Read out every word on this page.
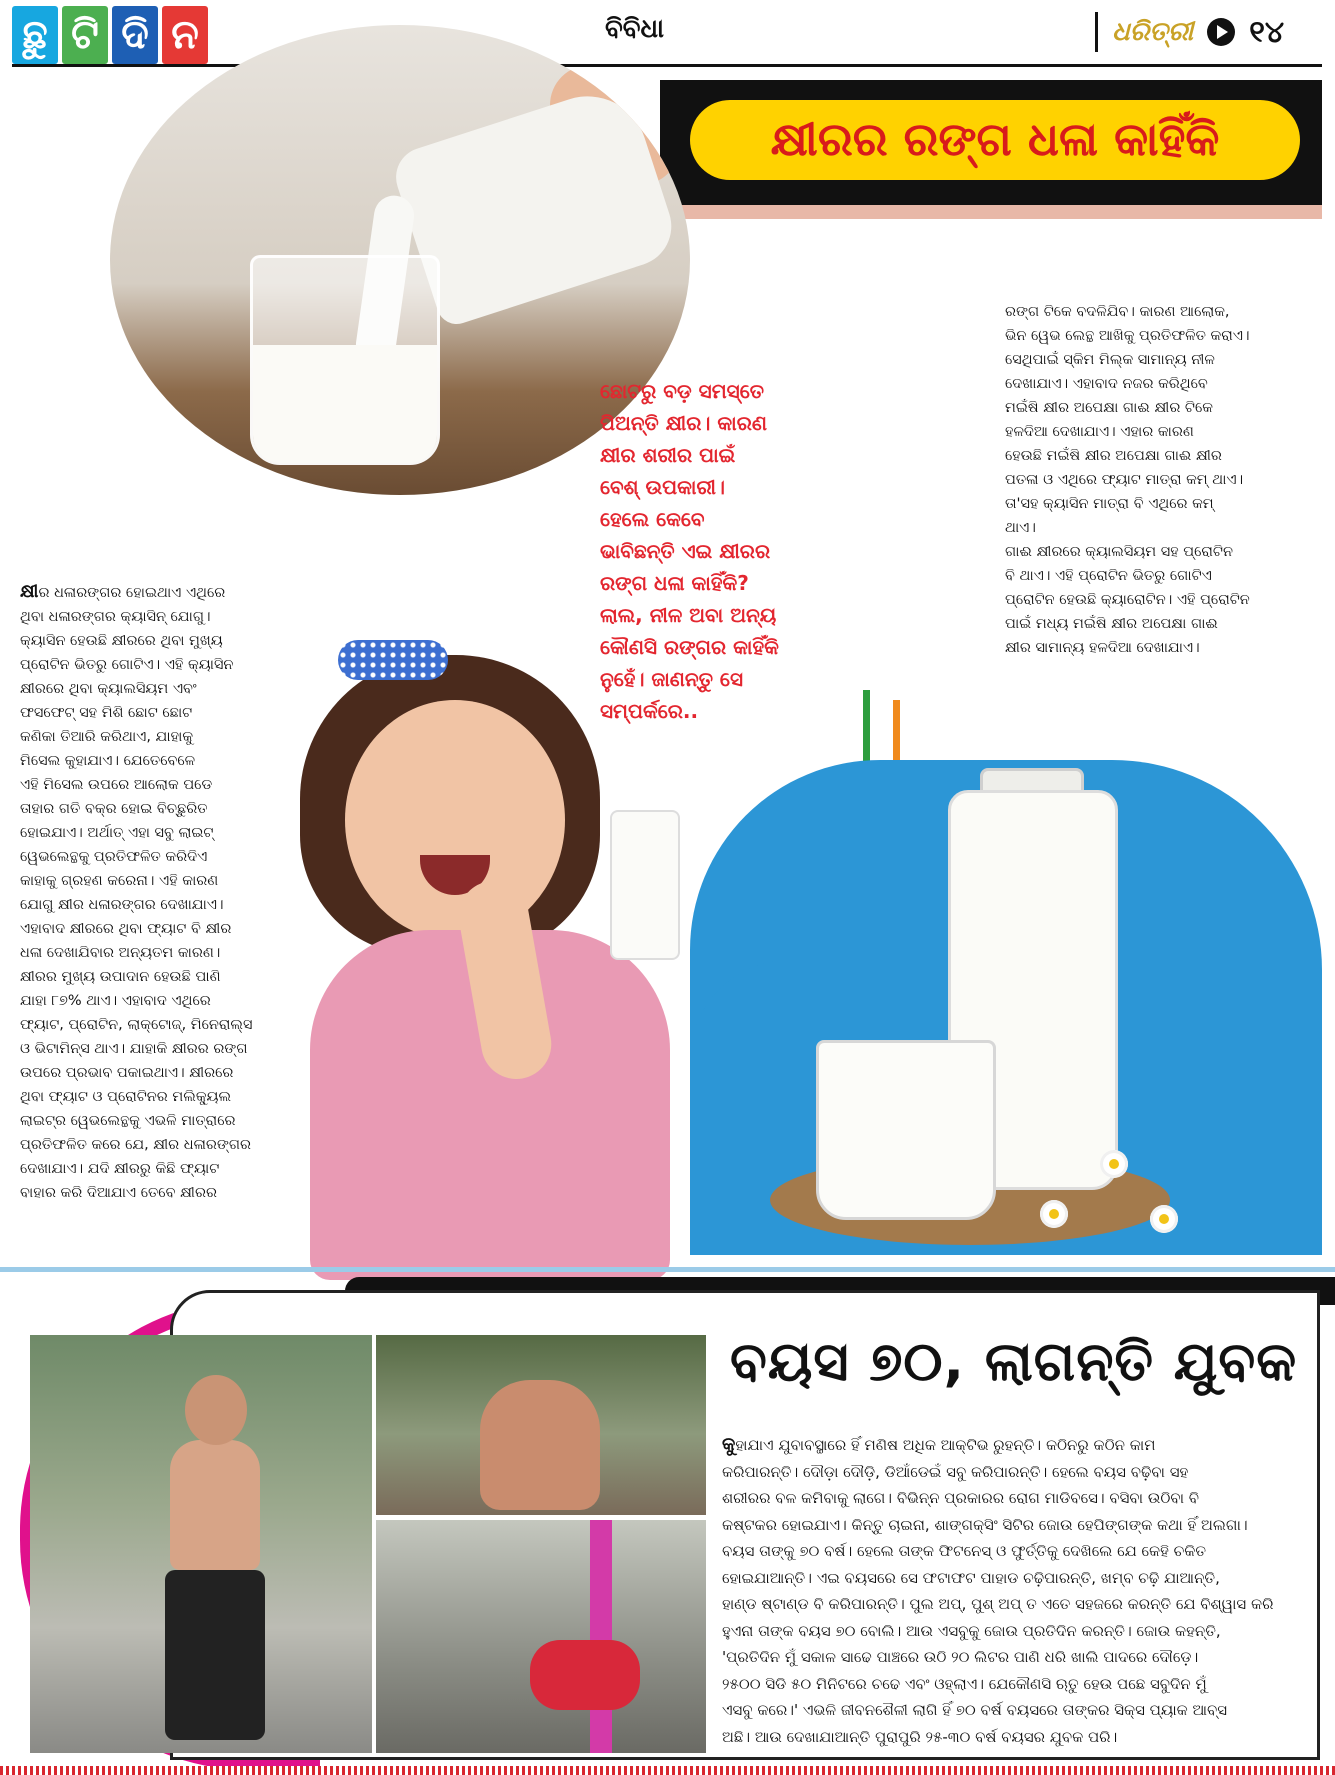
ଛୁ ଟି ଦି ନ	ବିବିଧା	ଧରିତ୍ରୀ ୧୪
କ୍ଷୀରର ରଙ୍ଗ ଧଳା କାହିଁକି
ଛୋଟରୁ ବଡ଼ ସମସ୍ତେ
ପିଅନ୍ତି କ୍ଷୀର। କାରଣ
କ୍ଷୀର ଶରୀର ପାଇଁ
ବେଶ୍ ଉପକାରୀ।
ହେଲେ କେବେ
ଭାବିଛନ୍ତି ଏଇ କ୍ଷୀରର
ରଙ୍ଗ ଧଳା କାହିଁକି?
ଲାଲ, ନୀଳ ଅବା ଅନ୍ୟ
କୌଣସି ରଙ୍ଗର କାହିଁକି
ନୁହେଁ। ଜାଣନ୍ତୁ ସେ
ସମ୍ପର୍କରେ..
ରଙ୍ଗ ଟିକେ ବଦଳିଯିବ। କାରଣ ଆଲୋକ,
ଭିନ ୱେଭ ଲେନ୍ଥ ଆଖିକୁ ପ୍ରତିଫଳିତ କରାଏ।
ସେଥିପାଇଁ ସ୍କିମ ମିଲ୍କ ସାମାନ୍ୟ ନୀଳ
ଦେଖାଯାଏ। ଏହାବାଦ ନଜର କରିଥିବେ
ମଇଁଷି କ୍ଷୀର ଅପେକ୍ଷା ଗାଈ କ୍ଷୀର ଟିକେ
ହଳଦିଆ ଦେଖାଯାଏ। ଏହାର କାରଣ
ହେଉଛି ମଇଁଷି କ୍ଷୀର ଅପେକ୍ଷା ଗାଈ କ୍ଷୀର
ପତଳା ଓ ଏଥିରେ ଫ୍ୟାଟ ମାତ୍ରା କମ୍ ଥାଏ।
ତା'ସହ କ୍ୟାସିନ ମାତ୍ରା ବି ଏଥିରେ କମ୍
ଥାଏ।
ଗାଈ କ୍ଷୀରରେ କ୍ୟାଲସିୟମ ସହ ପ୍ରୋଟିନ
ବି ଥାଏ। ଏହି ପ୍ରୋଟିନ ଭିତରୁ ଗୋଟିଏ
ପ୍ରୋଟିନ ହେଉଛି କ୍ୟାରୋଟିନ। ଏହି ପ୍ରୋଟିନ
ପାଇଁ ମଧ୍ୟ ମଇଁଷି କ୍ଷୀର ଅପେକ୍ଷା ଗାଈ
କ୍ଷୀର ସାମାନ୍ୟ ହଳଦିଆ ଦେଖାଯାଏ।
କ୍ଷୀର ଧଳାରଙ୍ଗର ହୋଇଥାଏ ଏଥିରେ
ଥିବା ଧଳାରଙ୍ଗର କ୍ୟାସିନ୍ ଯୋଗୁ।
କ୍ୟାସିନ ହେଉଛି କ୍ଷୀରରେ ଥିବା ମୁଖ୍ୟ
ପ୍ରୋଟିନ ଭିତରୁ ଗୋଟିଏ। ଏହି କ୍ୟାସିନ
କ୍ଷୀରରେ ଥିବା କ୍ୟାଲସିୟମ ଏବଂ
ଫସଫେଟ୍ ସହ ମିଶି ଛୋଟ ଛୋଟ
କଣିକା ତିଆରି କରିଥାଏ, ଯାହାକୁ
ମିସେଲ କୁହାଯାଏ। ଯେତେବେଳେ
ଏହି ମିସେଲ ଉପରେ ଆଲୋକ ପଡେ
ତାହାର ଗତି ବକ୍ର ହୋଇ ବିଚ୍ଛୁରିତ
ହୋଇଯାଏ। ଅର୍ଥାତ୍ ଏହା ସବୁ ଲାଇଟ୍
ୱେଭଲେନ୍ଥକୁ ପ୍ରତିଫଳିତ କରିଦିଏ
କାହାକୁ ଗ୍ରହଣ କରେନା। ଏହି କାରଣ
ଯୋଗୁ କ୍ଷୀର ଧଳାରଙ୍ଗର ଦେଖାଯାଏ।
ଏହାବାଦ କ୍ଷୀରରେ ଥିବା ଫ୍ୟାଟ ବି କ୍ଷୀର
ଧଳା ଦେଖାଯିବାର ଅନ୍ୟତମ କାରଣ।
କ୍ଷୀରର ମୁଖ୍ୟ ଉପାଦାନ ହେଉଛି ପାଣି
ଯାହା ୮୭% ଥାଏ। ଏହାବାଦ ଏଥିରେ
ଫ୍ୟାଟ, ପ୍ରୋଟିନ, ଲାକ୍ଟୋଜ୍, ମିନେରାଲ୍ସ
ଓ ଭିଟାମିନ୍ସ ଥାଏ। ଯାହାକି କ୍ଷୀରର ରଙ୍ଗ
ଉପରେ ପ୍ରଭାବ ପକାଇଥାଏ। କ୍ଷୀରରେ
ଥିବା ଫ୍ୟାଟ ଓ ପ୍ରୋଟିନର ମଲିକ୍ୟୁଲ
ଲାଇଟ୍ର ୱେଭଲେନ୍ଥକୁ ଏଭଳି ମାତ୍ରାରେ
ପ୍ରତିଫଳିତ କରେ ଯେ, କ୍ଷୀର ଧଳାରଙ୍ଗର
ଦେଖାଯାଏ। ଯଦି କ୍ଷୀରରୁ କିଛି ଫ୍ୟାଟ
ବାହାର କରି ଦିଆଯାଏ ତେବେ କ୍ଷୀରର
ବୟସ ୭୦, ଲାଗନ୍ତି ଯୁବକ
କୁହାଯାଏ ଯୁବାବସ୍ଥାରେ ହିଁ ମଣିଷ ଅଧିକ ଆକ୍ଟିଭ ରୁହନ୍ତି। କଠିନରୁ କଠିନ କାମ
କରିପାରନ୍ତି। ଦୌଡ଼ା ଦୌଡ଼ି, ଡିଆଁଡେଇଁ ସବୁ କରିପାରନ୍ତି। ହେଲେ ବୟସ ବଢ଼ିବା ସହ
ଶରୀରର ବଳ କମିବାକୁ ଲାଗେ। ବିଭିନ୍ନ ପ୍ରକାରର ରୋଗ ମାଡିବସେ। ବସିବା ଉଠିବା ବି
କଷ୍ଟକର ହୋଇଯାଏ। କିନ୍ତୁ ଚାଇନା, ଶାଙ୍ଗକ୍ସିଂ ସିଟିର ଜୋଉ ହେପିଙ୍ଗଙ୍କ କଥା ହିଁ ଅଲଗା।
ବୟସ ତାଙ୍କୁ ୭୦ ବର୍ଷ। ହେଲେ ତାଙ୍କ ଫିଟନେସ୍ ଓ ଫୁର୍ତ୍ତିକୁ ଦେଖିଲେ ଯେ କେହି ଚକିତ
ହୋଇଯାଆନ୍ତି। ଏଇ ବୟସରେ ସେ ଫଟାଫଟ ପାହାଡ ଚଢ଼ିପାରନ୍ତି, ଖମ୍ବ ଚଢ଼ି ଯାଆନ୍ତି,
ହାଣ୍ଡ ଷ୍ଟାଣ୍ଡ ବି କରିପାରନ୍ତି। ପୁଲ ଅପ୍, ପୁଶ୍ ଅପ୍ ତ ଏତେ ସହଜରେ କରନ୍ତି ଯେ ବିଶ୍ୱାସ କରି
ହୁଏନା ତାଙ୍କ ବୟସ ୭୦ ବୋଲି। ଆଉ ଏସବୁକୁ ଜୋଉ ପ୍ରତିଦିନ କରନ୍ତି। ଜୋଉ କହନ୍ତି,
'ପ୍ରତିଦିନ ମୁଁ ସକାଳ ସାଢେ ପାଞ୍ଚରେ ଉଠି ୨୦ ଲିଟର ପାଣି ଧରି ଖାଲି ପାଦରେ ଦୌଡ଼େ।
୨୫୦୦ ସିଡି ୫୦ ମିନିଟରେ ଚଢେ ଏବଂ ଓହ୍ଲାଏ। ଯେକୌଣସି ଋତୁ ହେଉ ପଛେ ସବୁଦିନ ମୁଁ
ଏସବୁ କରେ।' ଏଭଳି ଜୀବନଶୈଳୀ ଲାଗି ହିଁ ୭୦ ବର୍ଷ ବୟସରେ ତାଙ୍କର ସିକ୍ସ ପ୍ୟାକ ଆବ୍ସ
ଅଛି। ଆଉ ଦେଖାଯାଆନ୍ତି ପୁରାପୁରି ୨୫-୩୦ ବର୍ଷ ବୟସର ଯୁବକ ପରି।
